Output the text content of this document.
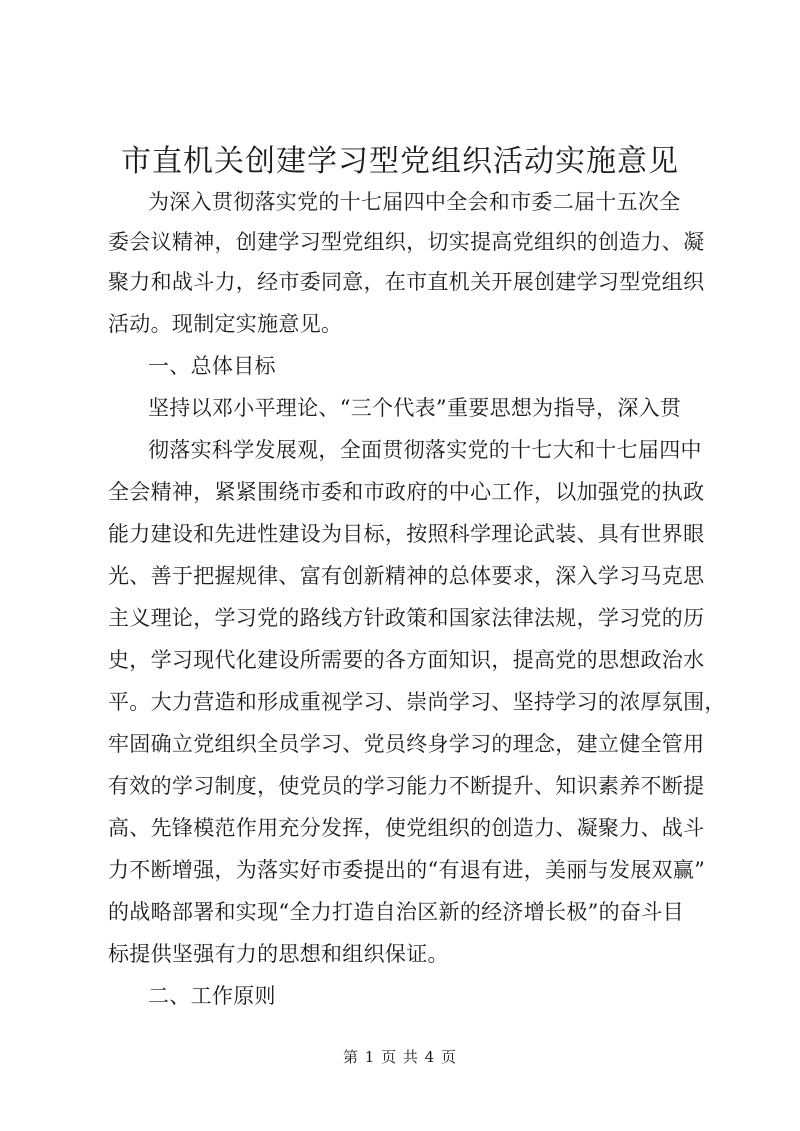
市直机关创建学习型党组织活动实施意见

为深入贯彻落实党的十七届四中全会和市委二届十五次全

委会议精神，创建学习型党组织，切实提高党组织的创造力、凝

聚力和战斗力，经市委同意，在市直机关开展创建学习型党组织

活动。现制定实施意见。

一、总体目标

坚持以邓小平理论、“三个代表”重要思想为指导，深入贯

彻落实科学发展观，全面贯彻落实党的十七大和十七届四中

全会精神，紧紧围绕市委和市政府的中心工作，以加强党的执政

能力建设和先进性建设为目标，按照科学理论武装、具有世界眼

光、善于把握规律、富有创新精神的总体要求，深入学习马克思

主义理论，学习党的路线方针政策和国家法律法规，学习党的历

史，学习现代化建设所需要的各方面知识，提高党的思想政治水

平。大力营造和形成重视学习、崇尚学习、坚持学习的浓厚氛围，

牢固确立党组织全员学习、党员终身学习的理念，建立健全管用

有效的学习制度，使党员的学习能力不断提升、知识素养不断提

高、先锋模范作用充分发挥，使党组织的创造力、凝聚力、战斗

力不断增强，为落实好市委提出的“有退有进，美丽与发展双赢”

的战略部署和实现“全力打造自治区新的经济增长极”的奋斗目

标提供坚强有力的思想和组织保证。

二、工作原则

第 1 页 共 4 页
